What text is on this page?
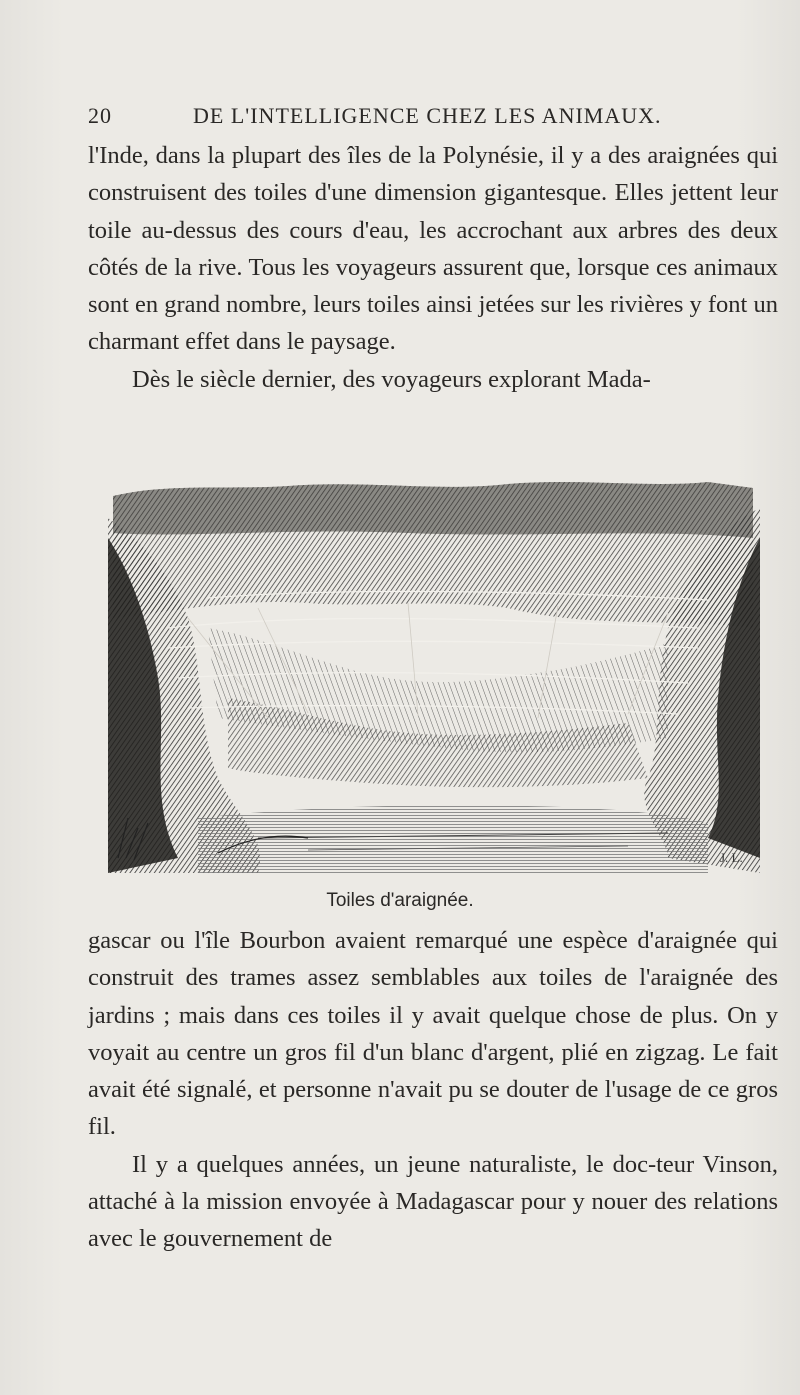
20	DE L'INTELLIGENCE CHEZ LES ANIMAUX.

l'Inde, dans la plupart des îles de la Polynésie, il y a des araignées qui construisent des toiles d'une dimension gigantesque. Elles jettent leur toile au-dessus des cours d'eau, les accrochant aux arbres des deux côtés de la rive. Tous les voyageurs assurent que, lorsque ces animaux sont en grand nombre, leurs toiles ainsi jetées sur les rivières y font un charmant effet dans le paysage.

Dès le siècle dernier, des voyageurs explorant Mada-

Toiles d'araignée.

gascar ou l'île Bourbon avaient remarqué une espèce d'araignée qui construit des trames assez semblables aux toiles de l'araignée des jardins ; mais dans ces toiles il y avait quelque chose de plus. On y voyait au centre un gros fil d'un blanc d'argent, plié en zigzag. Le fait avait été signalé, et personne n'avait pu se douter de l'usage de ce gros fil.

Il y a quelques années, un jeune naturaliste, le doc-teur Vinson, attaché à la mission envoyée à Madagascar pour y nouer des relations avec le gouvernement de

J. L.
